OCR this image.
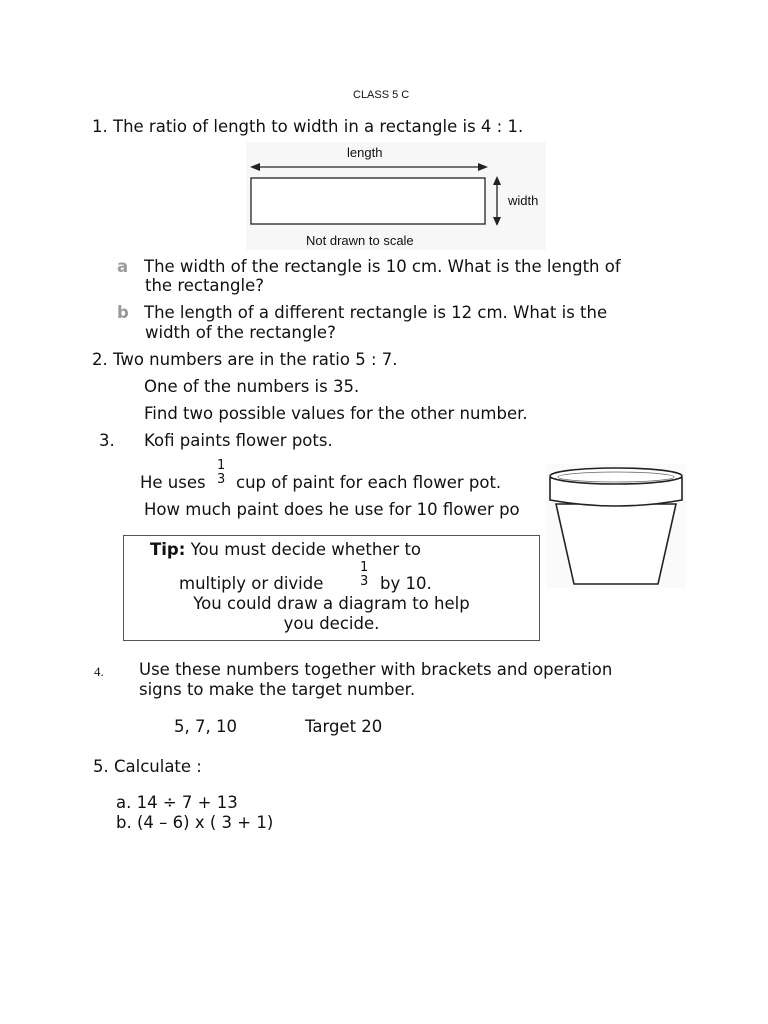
CLASS 5 C
1. The ratio of length to width in a rectangle is 4 : 1.
length
width
Not drawn to scale
a The width of the rectangle is 10 cm. What is the length of
the rectangle?
b The length of a different rectangle is 12 cm. What is the
width of the rectangle?
2. Two numbers are in the ratio 5 : 7.
One of the numbers is 35.
Find two possible values for the other number.
3. Kofi paints flower pots.
He uses
1
3 cup of paint for each flower pot.
How much paint does he use for 10 flower po
Tip: You must decide whether to
multiply or divide
1
3 by 10.
You could draw a diagram to help
you decide.
4. Use these numbers together with brackets and operation
signs to make the target number.
5, 7, 10	Target 20
5. Calculate :
a. 14 ÷ 7 + 13
b. (4 – 6) x ( 3 + 1)
